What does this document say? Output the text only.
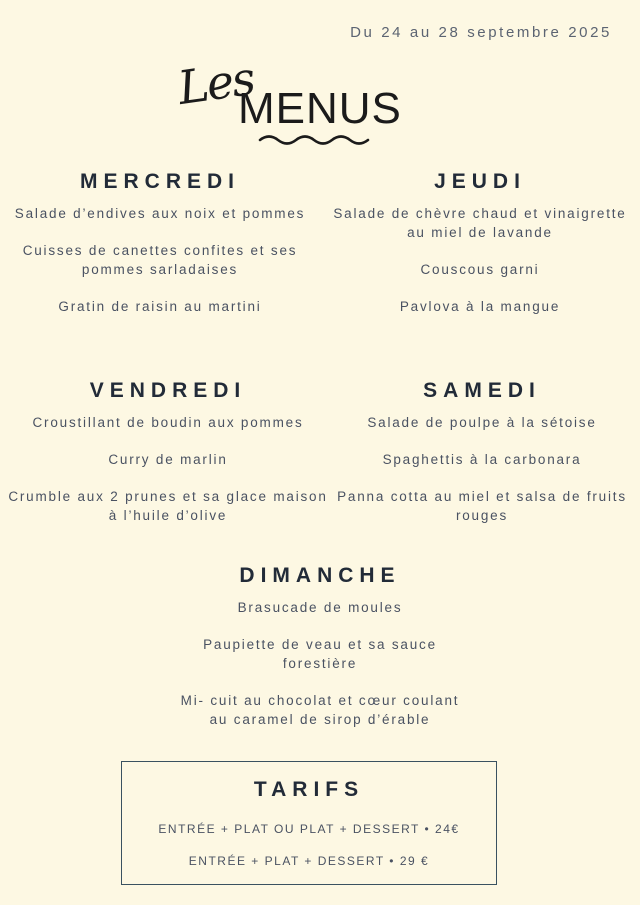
Du 24 au 28 septembre 2025
Les
MENUS
MERCREDI
Salade d’endives aux noix et pommes
Cuisses de canettes confites et ses pommes sarladaises
Gratin de raisin au martini
JEUDI
Salade de chèvre chaud et vinaigrette au miel de lavande
Couscous garni
Pavlova à la mangue
VENDREDI
Croustillant de boudin aux pommes
Curry de marlin
Crumble aux 2 prunes et sa glace maison à l’huile d’olive
SAMEDI
Salade de poulpe à la sétoise
Spaghettis à la carbonara
Panna cotta au miel et salsa de fruits rouges
DIMANCHE
Brasucade de moules
Paupiette de veau et sa sauce forestière
Mi- cuit au chocolat et cœur coulant au caramel de sirop d’érable
TARIFS
ENTRÉE + PLAT OU PLAT + DESSERT • 24€
ENTRÉE + PLAT + DESSERT • 29 €
